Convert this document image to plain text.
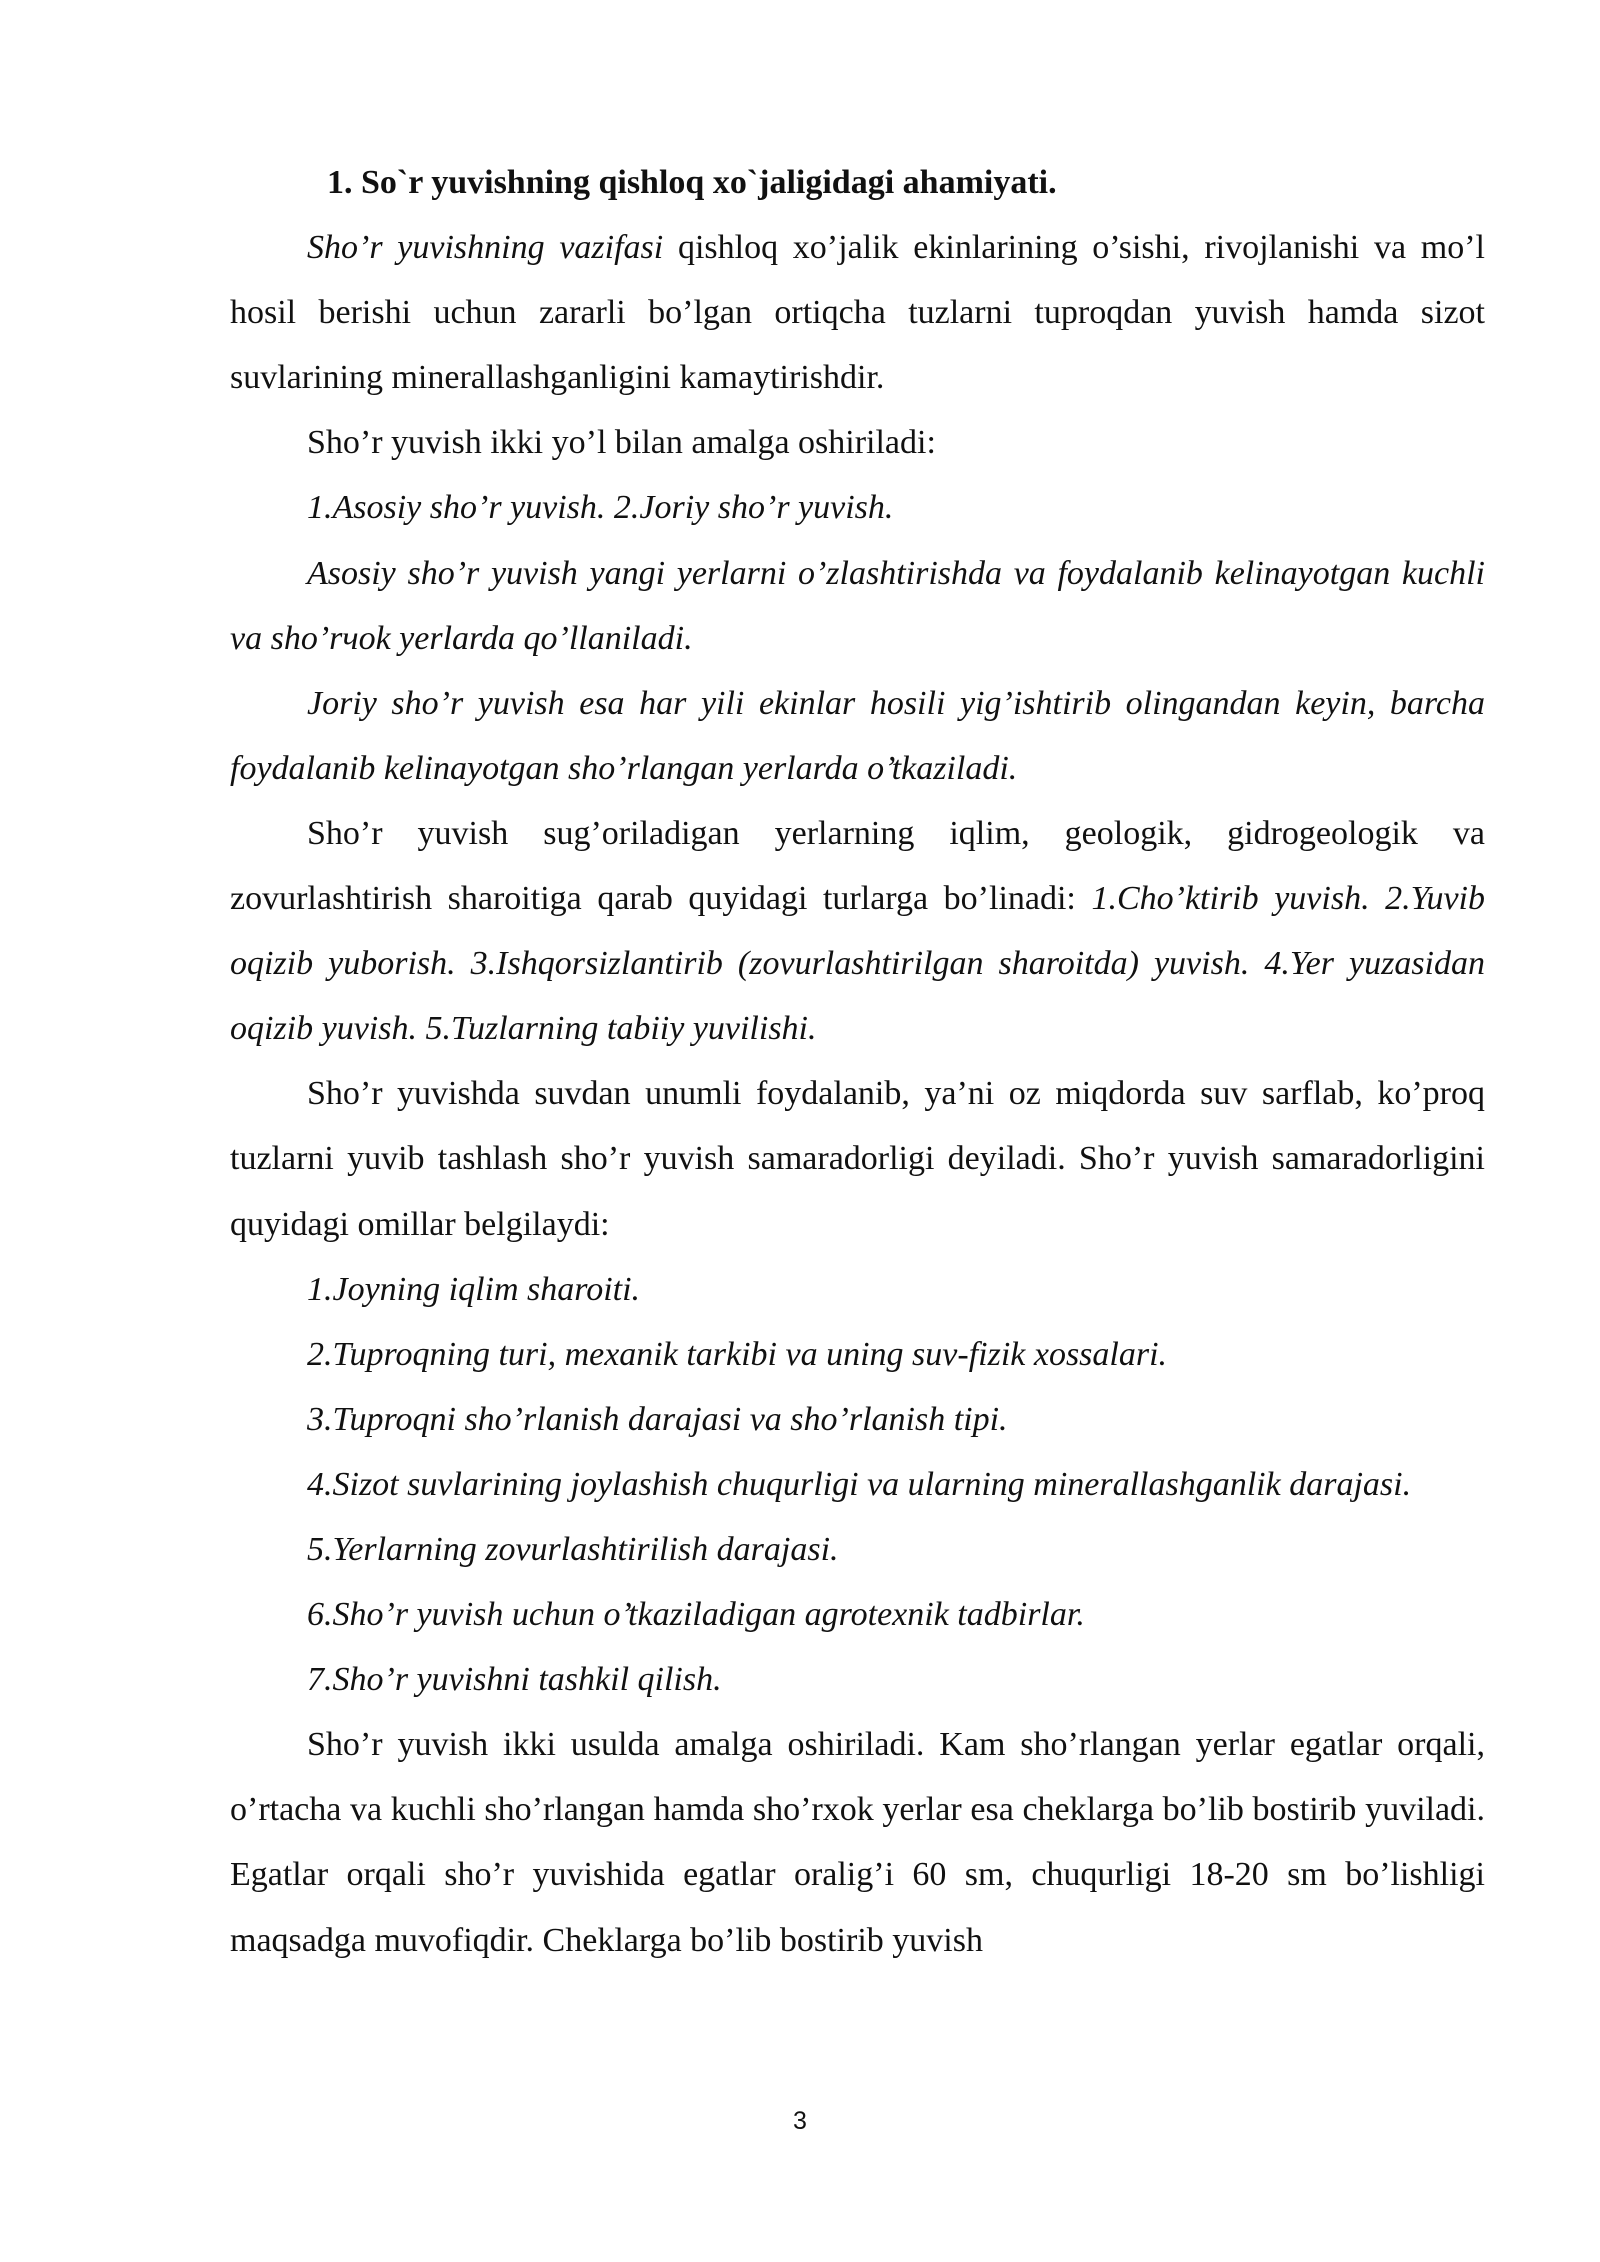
1. So`r yuvishning qishloq xo`jaligidagi ahamiyati.

Sho’r yuvishning vazifasi qishloq xo’jalik ekinlarining o’sishi, rivojlanishi va mo’l hosil berishi uchun zararli bo’lgan ortiqcha tuzlarni tuproqdan yuvish hamda sizot suvlarining minerallashganligini kamaytirishdir.

Sho’r yuvish ikki yo’l bilan amalga oshiriladi:

1.Asosiy sho’r yuvish. 2.Joriy sho’r yuvish.

Asosiy sho’r yuvish yangi yerlarni o’zlashtirishda va foydalanib kelinayotgan kuchli va sho’rчok yerlarda qo’llaniladi.

Joriy sho’r yuvish esa har yili ekinlar hosili yig’ishtirib olingandan keyin, barcha foydalanib kelinayotgan sho’rlangan yerlarda o’tkaziladi.

Sho’r yuvish sug’oriladigan yerlarning iqlim, geologik, gidrogeologik va zovurlashtirish sharoitiga qarab quyidagi turlarga bo’linadi: 1.Cho’ktirib yuvish. 2.Yuvib oqizib yuborish. 3.Ishqorsizlantirib (zovurlashtirilgan sharoitda) yuvish. 4.Yer yuzasidan oqizib yuvish. 5.Tuzlarning tabiiy yuvilishi.

Sho’r yuvishda suvdan unumli foydalanib, ya’ni oz miqdorda suv sarflab, ko’proq tuzlarni yuvib tashlash sho’r yuvish samaradorligi deyiladi. Sho’r yuvish samaradorligini quyidagi omillar belgilaydi:

1.Joyning iqlim sharoiti.

2.Tuproqning turi, mexanik tarkibi va uning suv-fizik xossalari.

3.Tuproqni sho’rlanish darajasi va sho’rlanish tipi.

4.Sizot suvlarining joylashish chuqurligi va ularning minerallashganlik darajasi.

5.Yerlarning zovurlashtirilish darajasi.

6.Sho’r yuvish uchun o’tkaziladigan agrotexnik tadbirlar.

7.Sho’r yuvishni tashkil qilish.

Sho’r yuvish ikki usulda amalga oshiriladi. Kam sho’rlangan yerlar egatlar orqali, o’rtacha va kuchli sho’rlangan hamda sho’rxok yerlar esa cheklarga bo’lib bostirib yuviladi. Egatlar orqali sho’r yuvishida egatlar oralig’i 60 sm, chuqurligi 18-20 sm bo’lishligi maqsadga muvofiqdir. Cheklarga bo’lib bostirib yuvish

3
